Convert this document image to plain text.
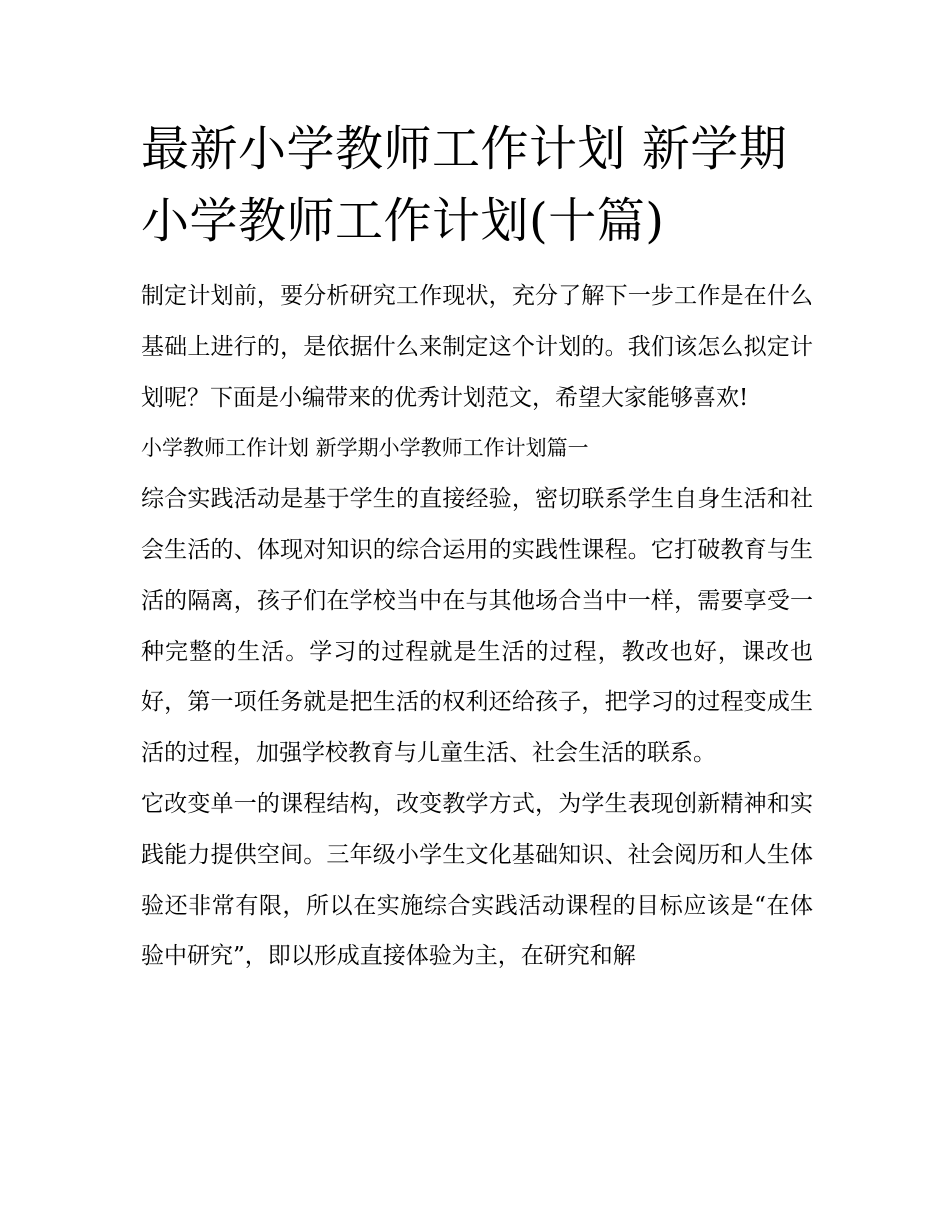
最新小学教师工作计划 新学期小学教师工作计划(十篇)

制定计划前，要分析研究工作现状，充分了解下一步工作是在什么基础上进行的，是依据什么来制定这个计划的。我们该怎么拟定计划呢？下面是小编带来的优秀计划范文，希望大家能够喜欢!

小学教师工作计划 新学期小学教师工作计划篇一

综合实践活动是基于学生的直接经验，密切联系学生自身生活和社会生活的、体现对知识的综合运用的实践性课程。它打破教育与生活的隔离，孩子们在学校当中在与其他场合当中一样，需要享受一种完整的生活。学习的过程就是生活的过程，教改也好，课改也好，第一项任务就是把生活的权利还给孩子，把学习的过程变成生活的过程，加强学校教育与儿童生活、社会生活的联系。

它改变单一的课程结构，改变教学方式，为学生表现创新精神和实践能力提供空间。三年级小学生文化基础知识、社会阅历和人生体验还非常有限，所以在实施综合实践活动课程的目标应该是“在体验中研究”，即以形成直接体验为主，在研究和解
